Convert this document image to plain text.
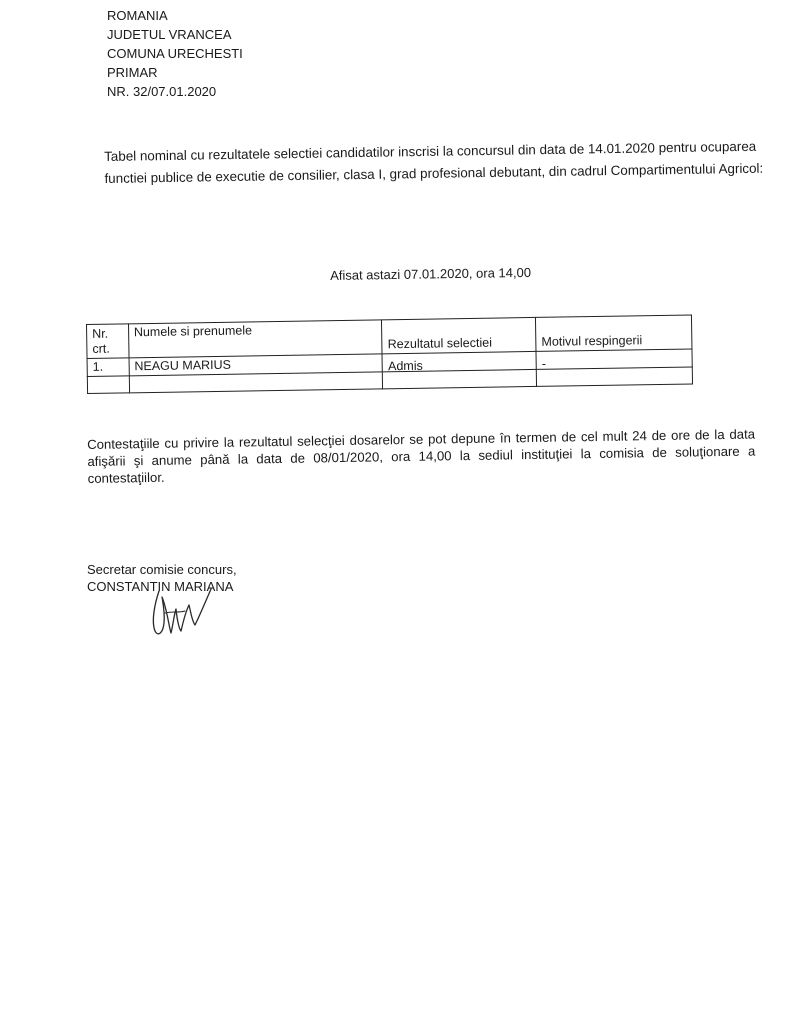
ROMANIA
JUDETUL VRANCEA
COMUNA URECHESTI
PRIMAR
NR. 32/07.01.2020
Tabel nominal cu rezultatele selectiei candidatilor inscrisi la concursul din data de 14.01.2020 pentru ocuparea functiei publice de executie de consilier, clasa I, grad profesional debutant, din cadrul Compartimentului Agricol:
Afisat astazi 07.01.2020, ora 14,00
Nr. crt.	Numele si prenumele	Rezultatul selectiei	Motivul respingerii
1.	NEAGU MARIUS	Admis	-

Contestaţiile cu privire la rezultatul selecţiei dosarelor se pot depune în termen de cel mult 24 de ore de la data afişării şi anume până la data de 08/01/2020, ora 14,00 la sediul instituţiei la comisia de soluţionare a contestaţiilor.
Secretar comisie concurs,
CONSTANTIN MARIANA
